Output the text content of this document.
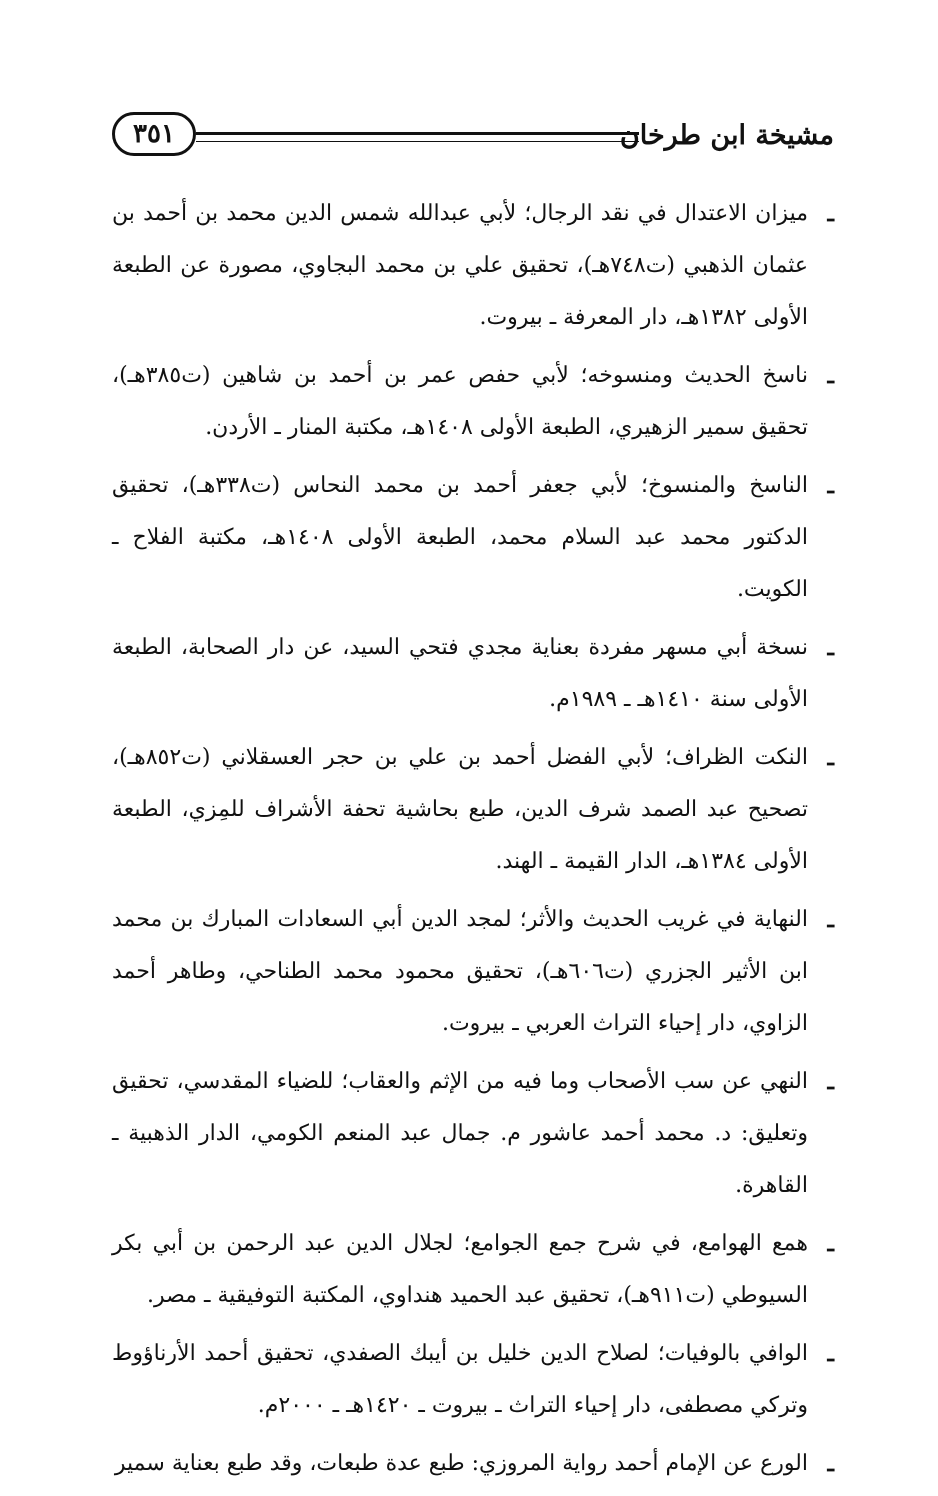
مشيخة ابن طرخان
٣٥١
ـ ميزان الاعتدال في نقد الرجال؛ لأبي عبدالله شمس الدين محمد بن أحمد بن عثمان الذهبي (ت٧٤٨هـ)، تحقيق علي بن محمد البجاوي، مصورة عن الطبعة الأولى ١٣٨٢هـ، دار المعرفة ـ بيروت.
ـ ناسخ الحديث ومنسوخه؛ لأبي حفص عمر بن أحمد بن شاهين (ت٣٨٥هـ)، تحقيق سمير الزهيري، الطبعة الأولى ١٤٠٨هـ، مكتبة المنار ـ الأردن.
ـ الناسخ والمنسوخ؛ لأبي جعفر أحمد بن محمد النحاس (ت٣٣٨هـ)، تحقيق الدكتور محمد عبد السلام محمد، الطبعة الأولى ١٤٠٨هـ، مكتبة الفلاح ـ الكويت.
ـ نسخة أبي مسهر مفردة بعناية مجدي فتحي السيد، عن دار الصحابة، الطبعة الأولى سنة ١٤١٠هـ ـ ١٩٨٩م.
ـ النكت الظراف؛ لأبي الفضل أحمد بن علي بن حجر العسقلاني (ت٨٥٢هـ)، تصحيح عبد الصمد شرف الدين، طبع بحاشية تحفة الأشراف للمِزي، الطبعة الأولى ١٣٨٤هـ، الدار القيمة ـ الهند.
ـ النهاية في غريب الحديث والأثر؛ لمجد الدين أبي السعادات المبارك بن محمد ابن الأثير الجزري (ت٦٠٦هـ)، تحقيق محمود محمد الطناحي، وطاهر أحمد الزاوي، دار إحياء التراث العربي ـ بيروت.
ـ النهي عن سب الأصحاب وما فيه من الإثم والعقاب؛ للضياء المقدسي، تحقيق وتعليق: د. محمد أحمد عاشور م. جمال عبد المنعم الكومي، الدار الذهبية ـ القاهرة.
ـ همع الهوامع، في شرح جمع الجوامع؛ لجلال الدين عبد الرحمن بن أبي بكر السيوطي (ت٩١١هـ)، تحقيق عبد الحميد هنداوي، المكتبة التوفيقية ـ مصر.
ـ الوافي بالوفيات؛ لصلاح الدين خليل بن أيبك الصفدي، تحقيق أحمد الأرناؤوط وتركي مصطفى، دار إحياء التراث ـ بيروت ـ ١٤٢٠هـ ـ ٢٠٠٠م.
ـ الورع عن الإمام أحمد رواية المروزي: طبع عدة طبعات، وقد طبع بعناية سمير
